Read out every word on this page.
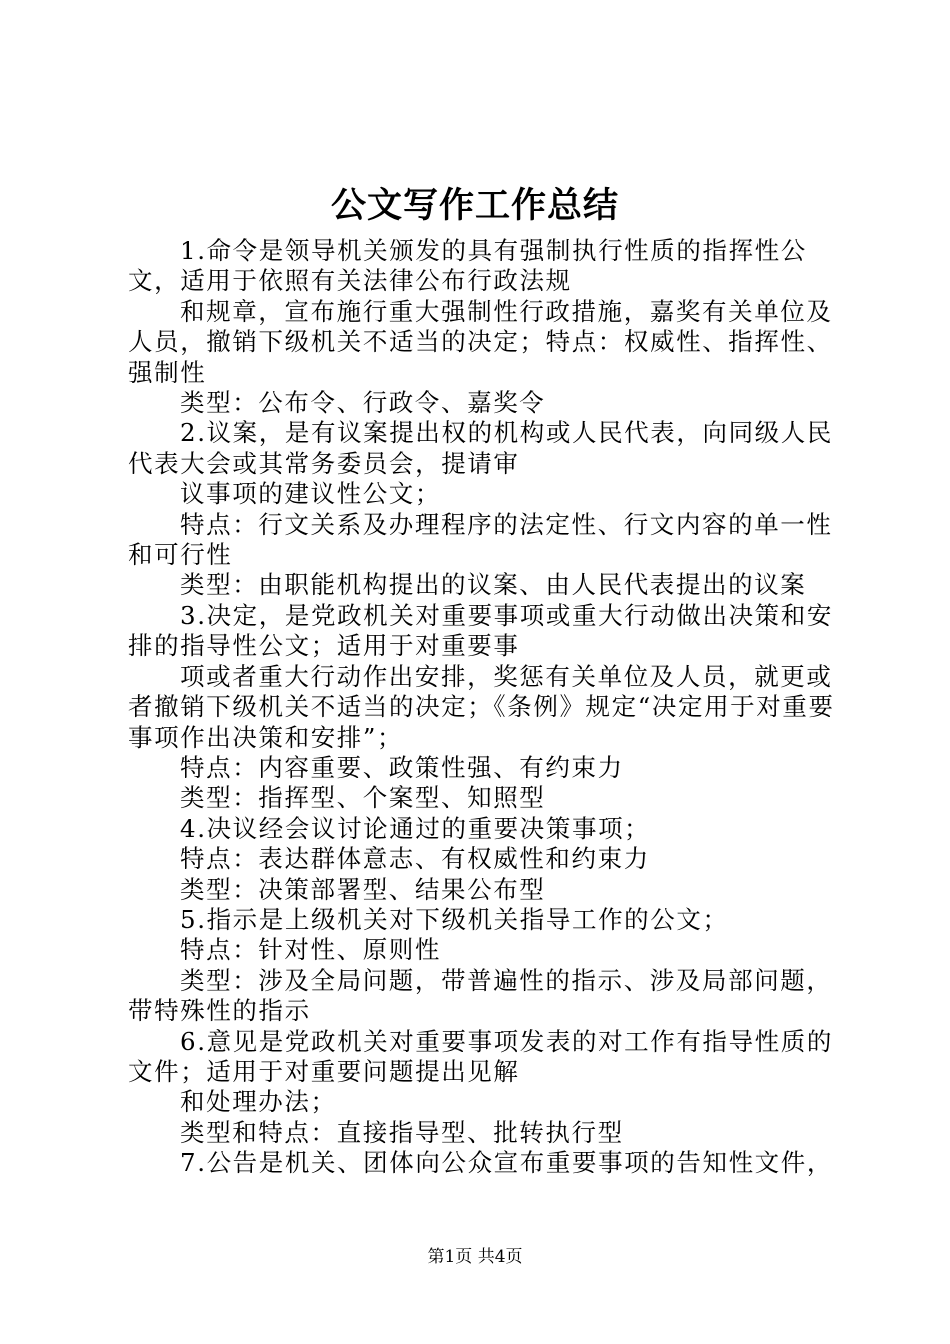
公文写作工作总结

1.命令是领导机关颁发的具有强制执行性质的指挥性公文，适用于依照有关法律公布行政法规

和规章，宣布施行重大强制性行政措施，嘉奖有关单位及人员，撤销下级机关不适当的决定；特点：权威性、指挥性、强制性

类型：公布令、行政令、嘉奖令

2.议案，是有议案提出权的机构或人民代表，向同级人民代表大会或其常务委员会，提请审

议事项的建议性公文；

特点：行文关系及办理程序的法定性、行文内容的单一性和可行性

类型：由职能机构提出的议案、由人民代表提出的议案

3.决定，是党政机关对重要事项或重大行动做出决策和安排的指导性公文；适用于对重要事

项或者重大行动作出安排，奖惩有关单位及人员，就更或者撤销下级机关不适当的决定；《条例》规定“决定用于对重要事项作出决策和安排”；

特点：内容重要、政策性强、有约束力

类型：指挥型、个案型、知照型

4.决议经会议讨论通过的重要决策事项；

特点：表达群体意志、有权威性和约束力

类型：决策部署型、结果公布型

5.指示是上级机关对下级机关指导工作的公文；

特点：针对性、原则性

类型：涉及全局问题，带普遍性的指示、涉及局部问题，带特殊性的指示

6.意见是党政机关对重要事项发表的对工作有指导性质的文件；适用于对重要问题提出见解

和处理办法；

类型和特点：直接指导型、批转执行型

7.公告是机关、团体向公众宣布重要事项的告知性文件，

第1页 共4页
